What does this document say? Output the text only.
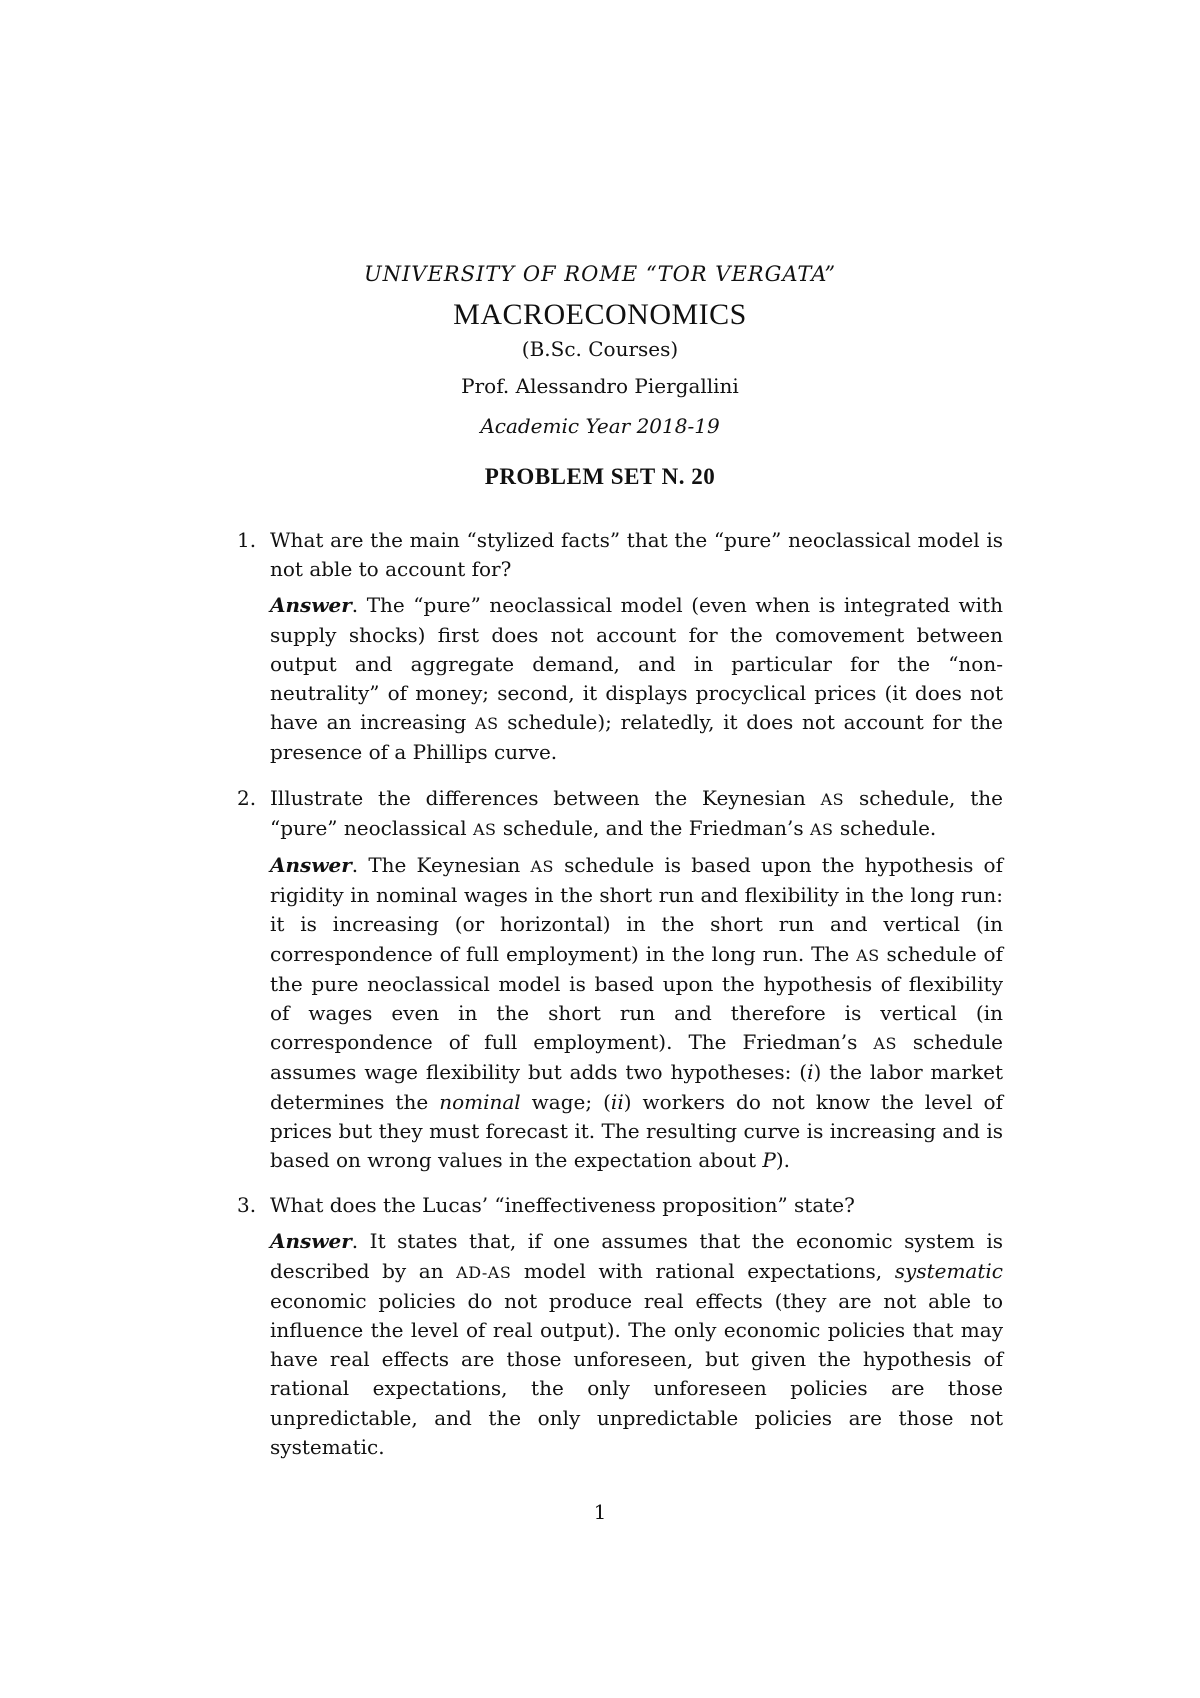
UNIVERSITY OF ROME “TOR VERGATA”
MACROECONOMICS
(B.Sc. Courses)
Prof. Alessandro Piergallini
Academic Year 2018-19
PROBLEM SET N. 20
1. What are the main “stylized facts” that the “pure” neoclassical model is not able to account for?
Answer. The “pure” neoclassical model (even when is integrated with supply shocks) first does not account for the comovement between output and aggregate demand, and in particular for the “non-neutrality” of money; second, it displays procyclical prices (it does not have an increasing AS schedule); relatedly, it does not account for the presence of a Phillips curve.
2. Illustrate the differences between the Keynesian AS schedule, the “pure” neoclassical AS schedule, and the Friedman’s AS schedule.
Answer. The Keynesian AS schedule is based upon the hypothesis of rigidity in nominal wages in the short run and flexibility in the long run: it is increasing (or horizontal) in the short run and vertical (in correspondence of full employment) in the long run. The AS schedule of the pure neoclassical model is based upon the hypothesis of flexibility of wages even in the short run and therefore is vertical (in correspondence of full employment). The Friedman’s AS schedule assumes wage flexibility but adds two hypotheses: (i) the labor market determines the nominal wage; (ii) workers do not know the level of prices but they must forecast it. The resulting curve is increasing and is based on wrong values in the expectation about P).
3. What does the Lucas’ “ineffectiveness proposition” state?
Answer. It states that, if one assumes that the economic system is described by an AD-AS model with rational expectations, systematic economic policies do not produce real effects (they are not able to influence the level of real output). The only economic policies that may have real effects are those unforeseen, but given the hypothesis of rational expectations, the only unforeseen policies are those unpredictable, and the only unpredictable policies are those not systematic.
1
